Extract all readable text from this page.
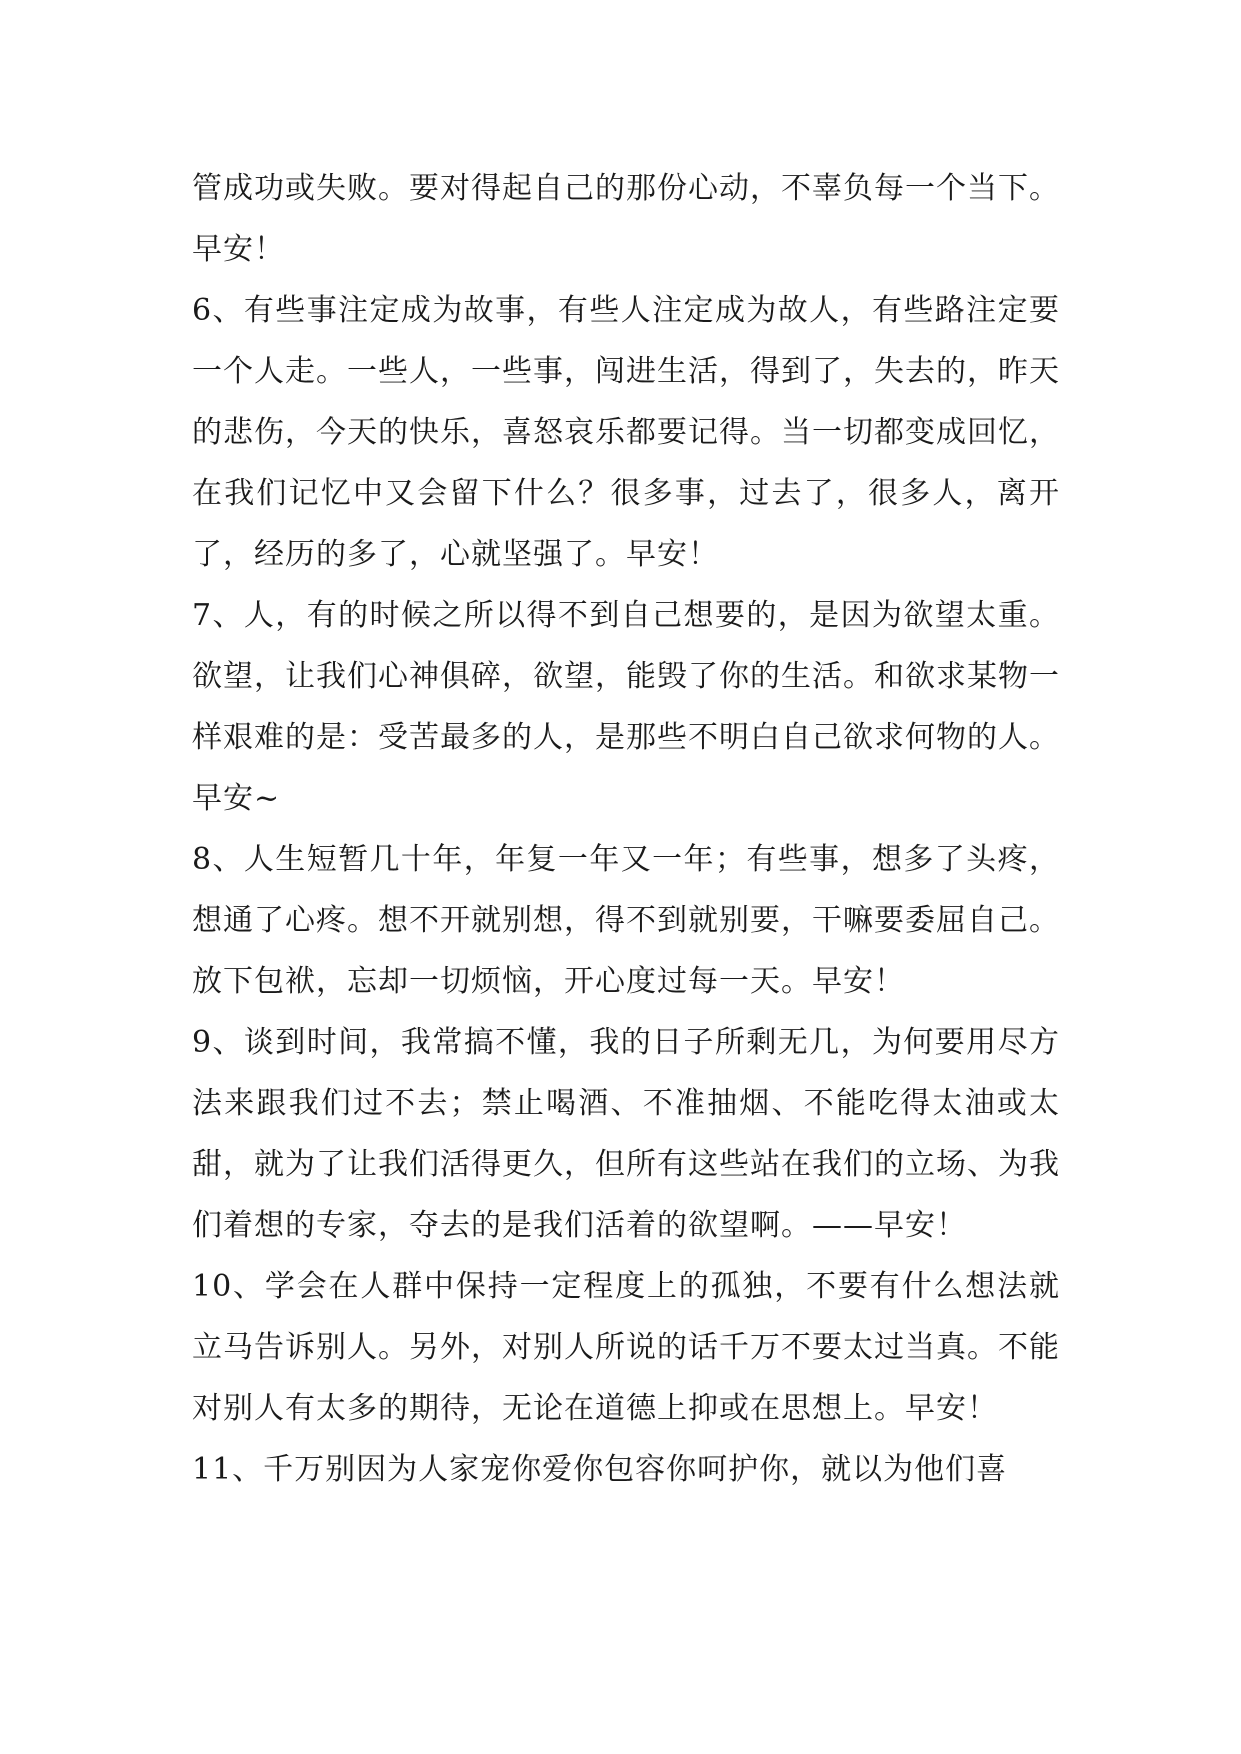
管成功或失败。要对得起自己的那份心动，不辜负每一个当下。早安！

6、有些事注定成为故事，有些人注定成为故人，有些路注定要一个人走。一些人，一些事，闯进生活，得到了，失去的，昨天的悲伤，今天的快乐，喜怒哀乐都要记得。当一切都变成回忆，在我们记忆中又会留下什么？很多事，过去了，很多人，离开了，经历的多了，心就坚强了。早安！

7、人，有的时候之所以得不到自己想要的，是因为欲望太重。欲望，让我们心神俱碎，欲望，能毁了你的生活。和欲求某物一样艰难的是：受苦最多的人，是那些不明白自己欲求何物的人。早安~

8、人生短暂几十年，年复一年又一年；有些事，想多了头疼，想通了心疼。想不开就别想，得不到就别要，干嘛要委屈自己。放下包袱，忘却一切烦恼，开心度过每一天。早安！

9、谈到时间，我常搞不懂，我的日子所剩无几，为何要用尽方法来跟我们过不去；禁止喝酒、不准抽烟、不能吃得太油或太甜，就为了让我们活得更久，但所有这些站在我们的立场、为我们着想的专家，夺去的是我们活着的欲望啊。——早安！

10、学会在人群中保持一定程度上的孤独，不要有什么想法就立马告诉别人。另外，对别人所说的话千万不要太过当真。不能对别人有太多的期待，无论在道德上抑或在思想上。早安！

11、千万别因为人家宠你爱你包容你呵护你，就以为他们喜
